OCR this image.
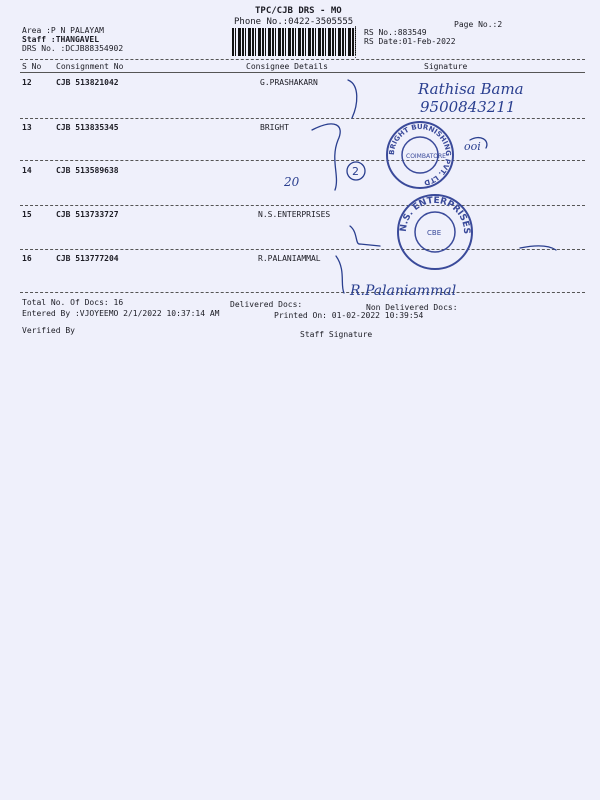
TPC/CJB DRS - MO
Phone No.:0422-3505555
Area :P N PALAYAM
Staff :THANGAVEL
DRS No. :DCJB88354902
RS No.:883549
RS Date:01-Feb-2022
Page No.:2
S No Consignment No	Consignee Details	Signature
12	CJB 513821042	G.PRASHAKARN
13	CJB 513835345	BRIGHT
14	CJB 513589638
15	CJB 513733727	N.S.ENTERPRISES
16	CJB 513777204	R.PALANIAMMAL
Total No. Of Docs: 16	Delivered Docs:	Non Delivered Docs:
Entered By :VJOYEEMO 2/1/2022 10:37:14 AM	Printed On: 01-02-2022 10:39:54
Verified By	Staff Signature
2
Rathisa Bama
9500843211
ooi
20
R.Palaniammal
BRIGHT BURNISHING PVT. LTD
COIMBATORE
N.S. ENTERPRISES
CBE
